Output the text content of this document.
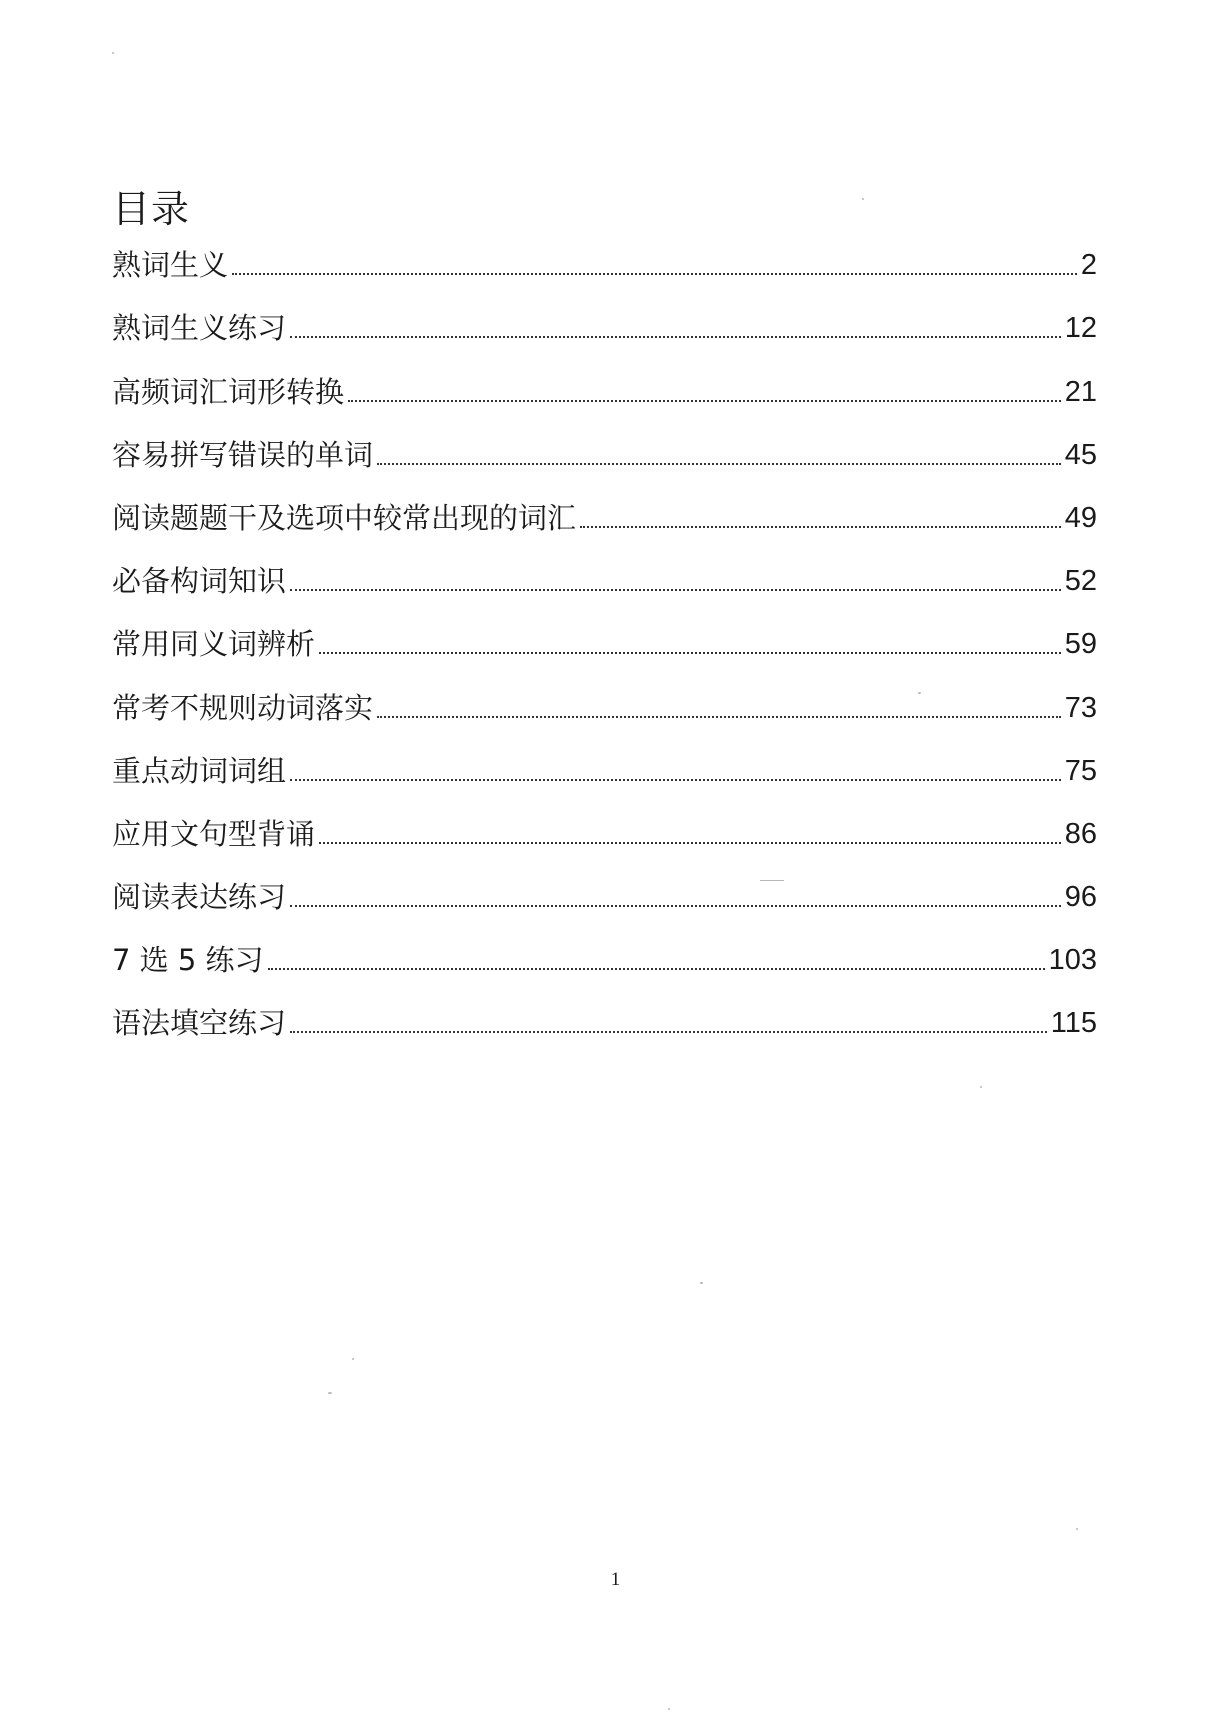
目录
熟词生义	2
熟词生义练习	12
高频词汇词形转换	21
容易拼写错误的单词	45
阅读题题干及选项中较常出现的词汇	49
必备构词知识	52
常用同义词辨析	59
常考不规则动词落实	73
重点动词词组	75
应用文句型背诵	86
阅读表达练习	96
7 选 5 练习	103
语法填空练习	115
1
